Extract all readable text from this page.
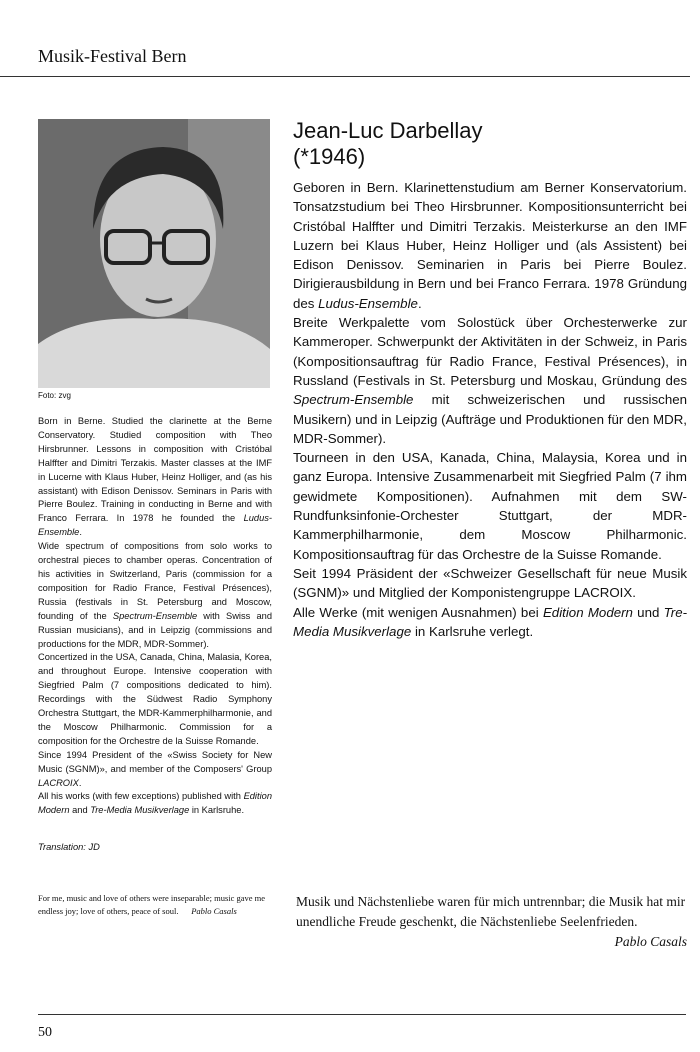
Musik-Festival Bern
Foto: zvg

Born in Berne. Studied the clarinette at the Berne Conservatory. Studied composition with Theo Hirsbrunner. Lessons in composition with Cristóbal Halffter and Dimitri Terzakis. Master classes at the IMF in Lucerne with Klaus Huber, Heinz Holliger, and (as his assistant) with Edison Denissov. Seminars in Paris with Pierre Boulez. Training in conducting in Berne and with Franco Ferrara. In 1978 he founded the Ludus-Ensemble.

Wide spectrum of compositions from solo works to orchestral pieces to chamber operas. Concentration of his activities in Switzerland, Paris (commission for a composition for Radio France, Festival Présences), Russia (festivals in St. Petersburg and Moscow, founding of the Spectrum-Ensemble with Swiss and Russian musicians), and in Leipzig (commissions and productions for the MDR, MDR-Sommer).

Concertized in the USA, Canada, China, Malasia, Korea, and throughout Europe. Intensive cooperation with Siegfried Palm (7 compositions dedicated to him). Recordings with the Südwest Radio Symphony Orchestra Stuttgart, the MDR-Kammerphilharmonie, and the Moscow Philharmonic. Commission for a composition for the Orchestre de la Suisse Romande.

Since 1994 President of the «Swiss Society for New Music (SGNM)», and member of the Composers' Group LACROIX.

All his works (with few exceptions) published with Edition Modern and Tre-Media Musikverlage in Karlsruhe.

Translation: JD
Jean-Luc Darbellay
(*1946)

Geboren in Bern. Klarinettenstudium am Berner Konservatorium. Tonsatzstudium bei Theo Hirsbrunner. Kompositionsunterricht bei Cristóbal Halffter und Dimitri Terzakis. Meisterkurse an den IMF Luzern bei Klaus Huber, Heinz Holliger und (als Assistent) bei Edison Denissov. Seminarien in Paris bei Pierre Boulez. Dirigierausbildung in Bern und bei Franco Ferrara. 1978 Gründung des Ludus-Ensemble.

Breite Werkpalette vom Solostück über Orchesterwerke zur Kammeroper. Schwerpunkt der Aktivitäten in der Schweiz, in Paris (Kompositionsauftrag für Radio France, Festival Présences), in Russland (Festivals in St. Petersburg und Moskau, Gründung des Spectrum-Ensemble mit schweizerischen und russischen Musikern) und in Leipzig (Aufträge und Produktionen für den MDR, MDR-Sommer).

Tourneen in den USA, Kanada, China, Malaysia, Korea und in ganz Europa. Intensive Zusammenarbeit mit Siegfried Palm (7 ihm gewidmete Kompositionen). Aufnahmen mit dem SW-Rundfunksinfonie-Orchester Stuttgart, der MDR-Kammerphilharmonie, dem Moscow Philharmonic. Kompositionsauftrag für das Orchestre de la Suisse Romande.

Seit 1994 Präsident der «Schweizer Gesellschaft für neue Musik (SGNM)» und Mitglied der Komponistengruppe LACROIX.

Alle Werke (mit wenigen Ausnahmen) bei Edition Modern und Tre-Media Musikverlage in Karlsruhe verlegt.

For me, music and love of others were inseparable; music gave me endless joy; love of others, peace of soul. Pablo Casals
Musik und Nächstenliebe waren für mich untrennbar; die Musik hat mir unendliche Freude geschenkt, die Nächstenliebe Seelenfrieden.
Pablo Casals
50
